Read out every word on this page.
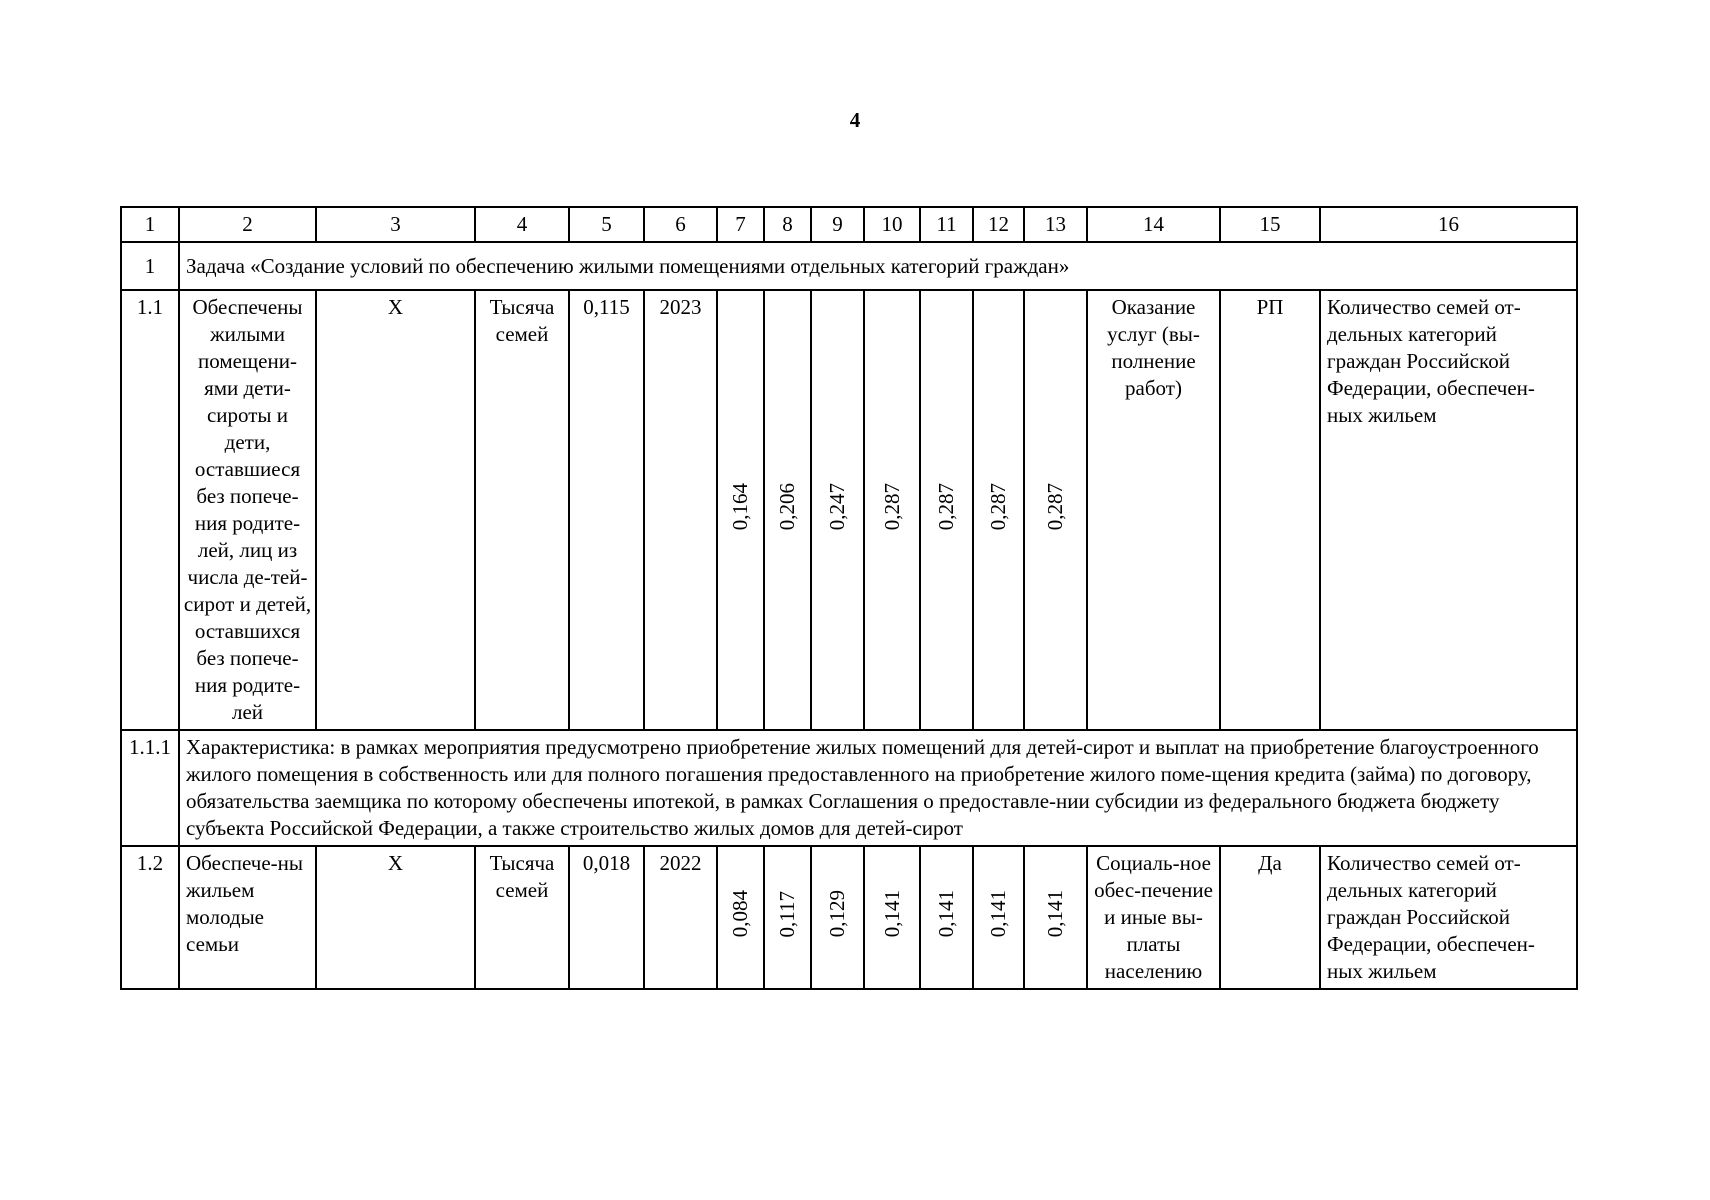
4
1	2	3	4	5	6	7	8	9	10	11	12	13	14	15	16
1	Задача «Создание условий по обеспечению жилыми помещениями отдельных категорий граждан»														
1.1	Обеспечены жилыми помещени-ями дети-сироты и дети, оставшиеся без попече-ния родите-лей, лиц из числа де-тей-сирот и детей, оставшихся без попече-ния родите-лей	Х	Тысяча семей	0,115	2023	0,164	0,206	0,247	0,287	0,287	0,287	0,287	Оказание услуг (вы-полнение работ)	РП	Количество семей от-дельных категорий граждан Российской Федерации, обеспечен-ных жильем
1.1.1	Характеристика: в рамках мероприятия предусмотрено приобретение жилых помещений для детей-сирот и выплат на приобретение благоустроенного жилого помещения в собственность или для полного погашения предоставленного на приобретение жилого поме-щения кредита (займа) по договору, обязательства заемщика по которому обеспечены ипотекой, в рамках Соглашения о предоставле-нии субсидии из федерального бюджета бюджету субъекта Российской Федерации, а также строительство жилых домов для детей-сирот														
1.2	Обеспече-ны жильем молодые семьи	Х	Тысяча семей	0,018	2022	0,084	0,117	0,129	0,141	0,141	0,141	0,141	Социаль-ное обес-печение и иные вы-платы населению	Да	Количество семей от-дельных категорий граждан Российской Федерации, обеспечен-ных жильем
